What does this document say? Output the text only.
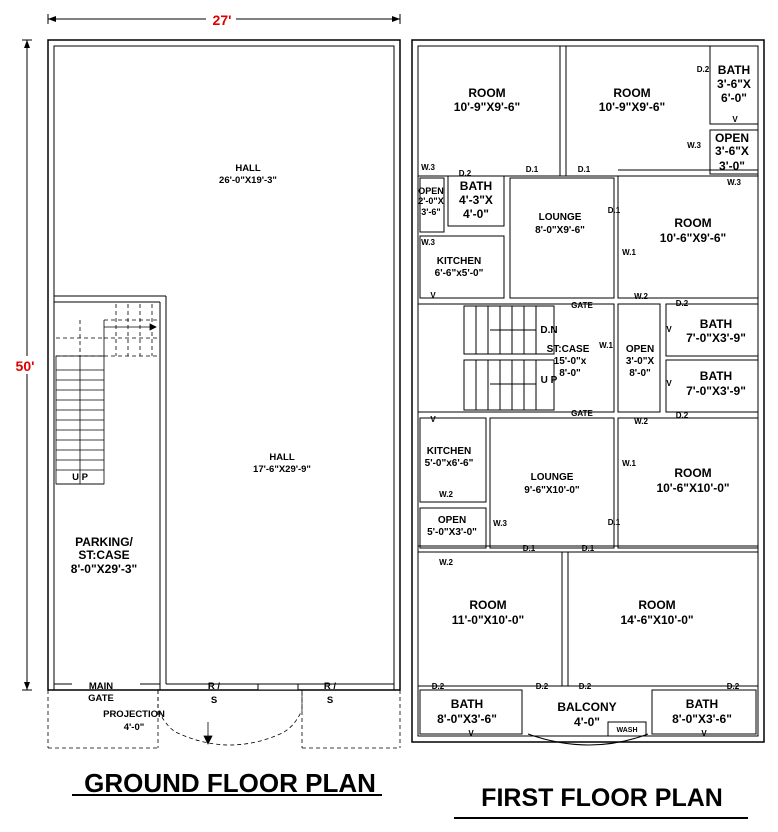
27'
50'
HALL
26'-0"X19'-3"
HALL
17'-6"X29'-9"
PARKING/
ST:CASE
8'-0"X29'-3"
U P
MAIN
GATE
PROJECTION
4'-0"
R /
S
R /
S
GROUND FLOOR PLAN
ROOM
10'-9"X9'-6"
ROOM
10'-9"X9'-6"
BATH
3'-6"X
6'-0"
OPEN
3'-6"X
3'-0"
OPEN
2'-0"X
3'-6"
BATH
4'-3"X
4'-0"	LOUNGE
8'-0"X9'-6"
ROOM
10'-6"X9'-6"
KITCHEN
6'-6"x5'-0"
ST:CASE
15'-0"x
8'-0"
D.N
U P
OPEN
3'-0"X
8'-0"
BATH
7'-0"X3'-9"
BATH
7'-0"X3'-9"
KITCHEN
5'-0"x6'-6"
LOUNGE
9'-6"X10'-0"
ROOM
10'-6"X10'-0"
OPEN
5'-0"X3'-0"
ROOM
11'-0"X10'-0"
ROOM
14'-6"X10'-0"
BATH
8'-0"X3'-6"
BALCONY
4'-0"
BATH
8'-0"X3'-6"
WASH
D.2
W.3
V
W.3
W.3
D.2	D.1	D.1
D.1
W.3
W.1
V
GATE
W.2
D.2
V
W.1
V
V
GATE
W.2
D.2
W.1
W.2
W.3	D.1
D.1	D.1
W.2
D.2	D.2	D.2	D.2
V	V
FIRST FLOOR PLAN
